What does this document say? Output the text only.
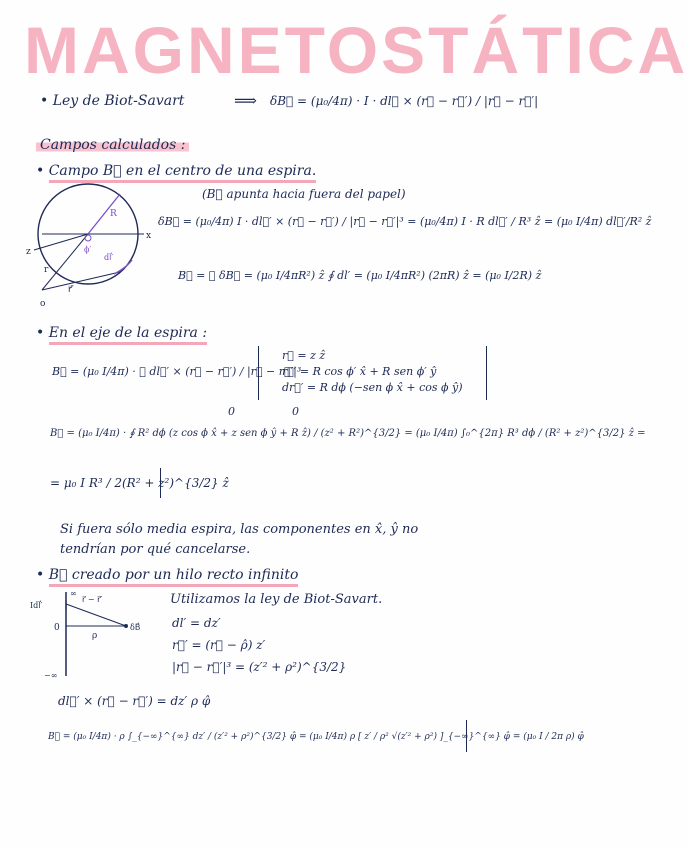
MAGNETOSTÁTICA
• Ley de Biot-Savart	⟹ δB⃗ = (μ₀/4π) · I · dl⃗ × (r⃗ − r⃗′) / |r⃗ − r⃗′|
Campos calculados :
• Campo B⃗ en el centro de una espira.
x
z
R
r
r⃗′
dl⃗′
ϕ′
o
(B⃗ apunta hacia fuera del papel)
δB⃗ = (μ₀/4π) I · dl⃗′ × (r⃗ − r⃗′) / |r⃗ − r⃗′|³ = (μ₀/4π) I · R dl⃗′ / R³ ẑ = (μ₀ I/4π) dl⃗′/R² ẑ
B⃗ = ∮ δB⃗ = (μ₀ I/4πR²) ẑ ∮ dl′ = (μ₀ I/4πR²) (2πR) ẑ = (μ₀ I/2R) ẑ
• En el eje de la espira :
B⃗ = (μ₀ I/4π) · ∮ dl⃗′ × (r⃗ − r⃗′) / |r⃗ − r⃗′|³
r⃗ = z ẑ
r⃗′ = R cos ϕ′ x̂ + R sen ϕ′ ŷ
dr⃗′ = R dϕ (−sen ϕ x̂ + cos ϕ ŷ)
0	0
B⃗ = (μ₀ I/4π) · ∮ R² dϕ (z cos ϕ x̂ + z sen ϕ ŷ + R ẑ) / (z² + R²)^{3/2} = (μ₀ I/4π) ∫₀^{2π} R³ dϕ / (R² + z²)^{3/2} ẑ =
= μ₀ I R³ / 2(R² + z²)^{3/2} ẑ
Si fuera sólo media espira, las componentes en x̂, ŷ no
tendrían por qué cancelarse.
• B⃗ creado por un hilo recto infinito
Idl⃗′
r⃗ − r⃗′
0
ρ
δB⃗
∞
−∞
Utilizamos la ley de Biot-Savart.
dl′ = dz′
r⃗′ = (r⃗ − ρ̂) z′
|r⃗ − r⃗′|³ = (z′² + ρ²)^{3/2}
dl⃗′ × (r⃗ − r⃗′) = dz′ ρ φ̂
B⃗ = (μ₀ I/4π) · ρ ∫_{−∞}^{∞} dz′ / (z′² + ρ²)^{3/2} φ̂ = (μ₀ I/4π) ρ [ z′ / ρ² √(z′² + ρ²) ]_{−∞}^{∞} φ̂ = (μ₀ I / 2π ρ) φ̂
